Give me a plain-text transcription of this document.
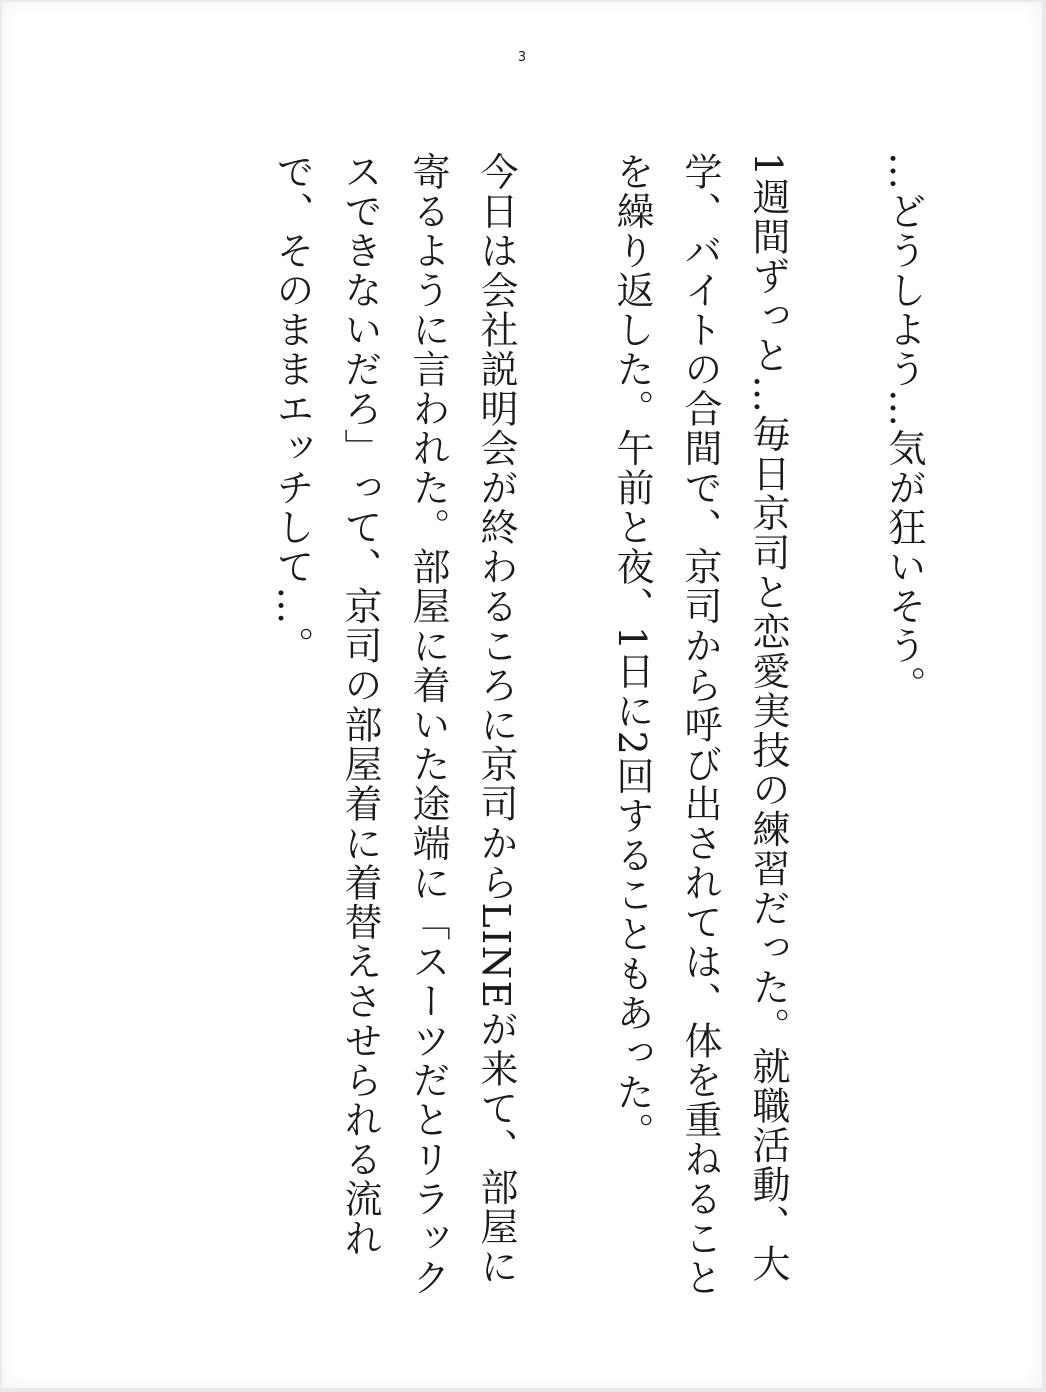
3

…どうしよう…気が狂いそう。

1週間ずっと…毎日京司と恋愛実技の練習だった。就職活動、大学、バイトの合間で、京司から呼び出されては、体を重ねることを繰り返した。午前と夜、1日に2回することもあった。

今日は会社説明会が終わるころに京司からLINEが来て、部屋に寄るように言われた。部屋に着いた途端に「スーツだとリラックスできないだろ」って、京司の部屋着に着替えさせられる流れで、そのままエッチして…。
